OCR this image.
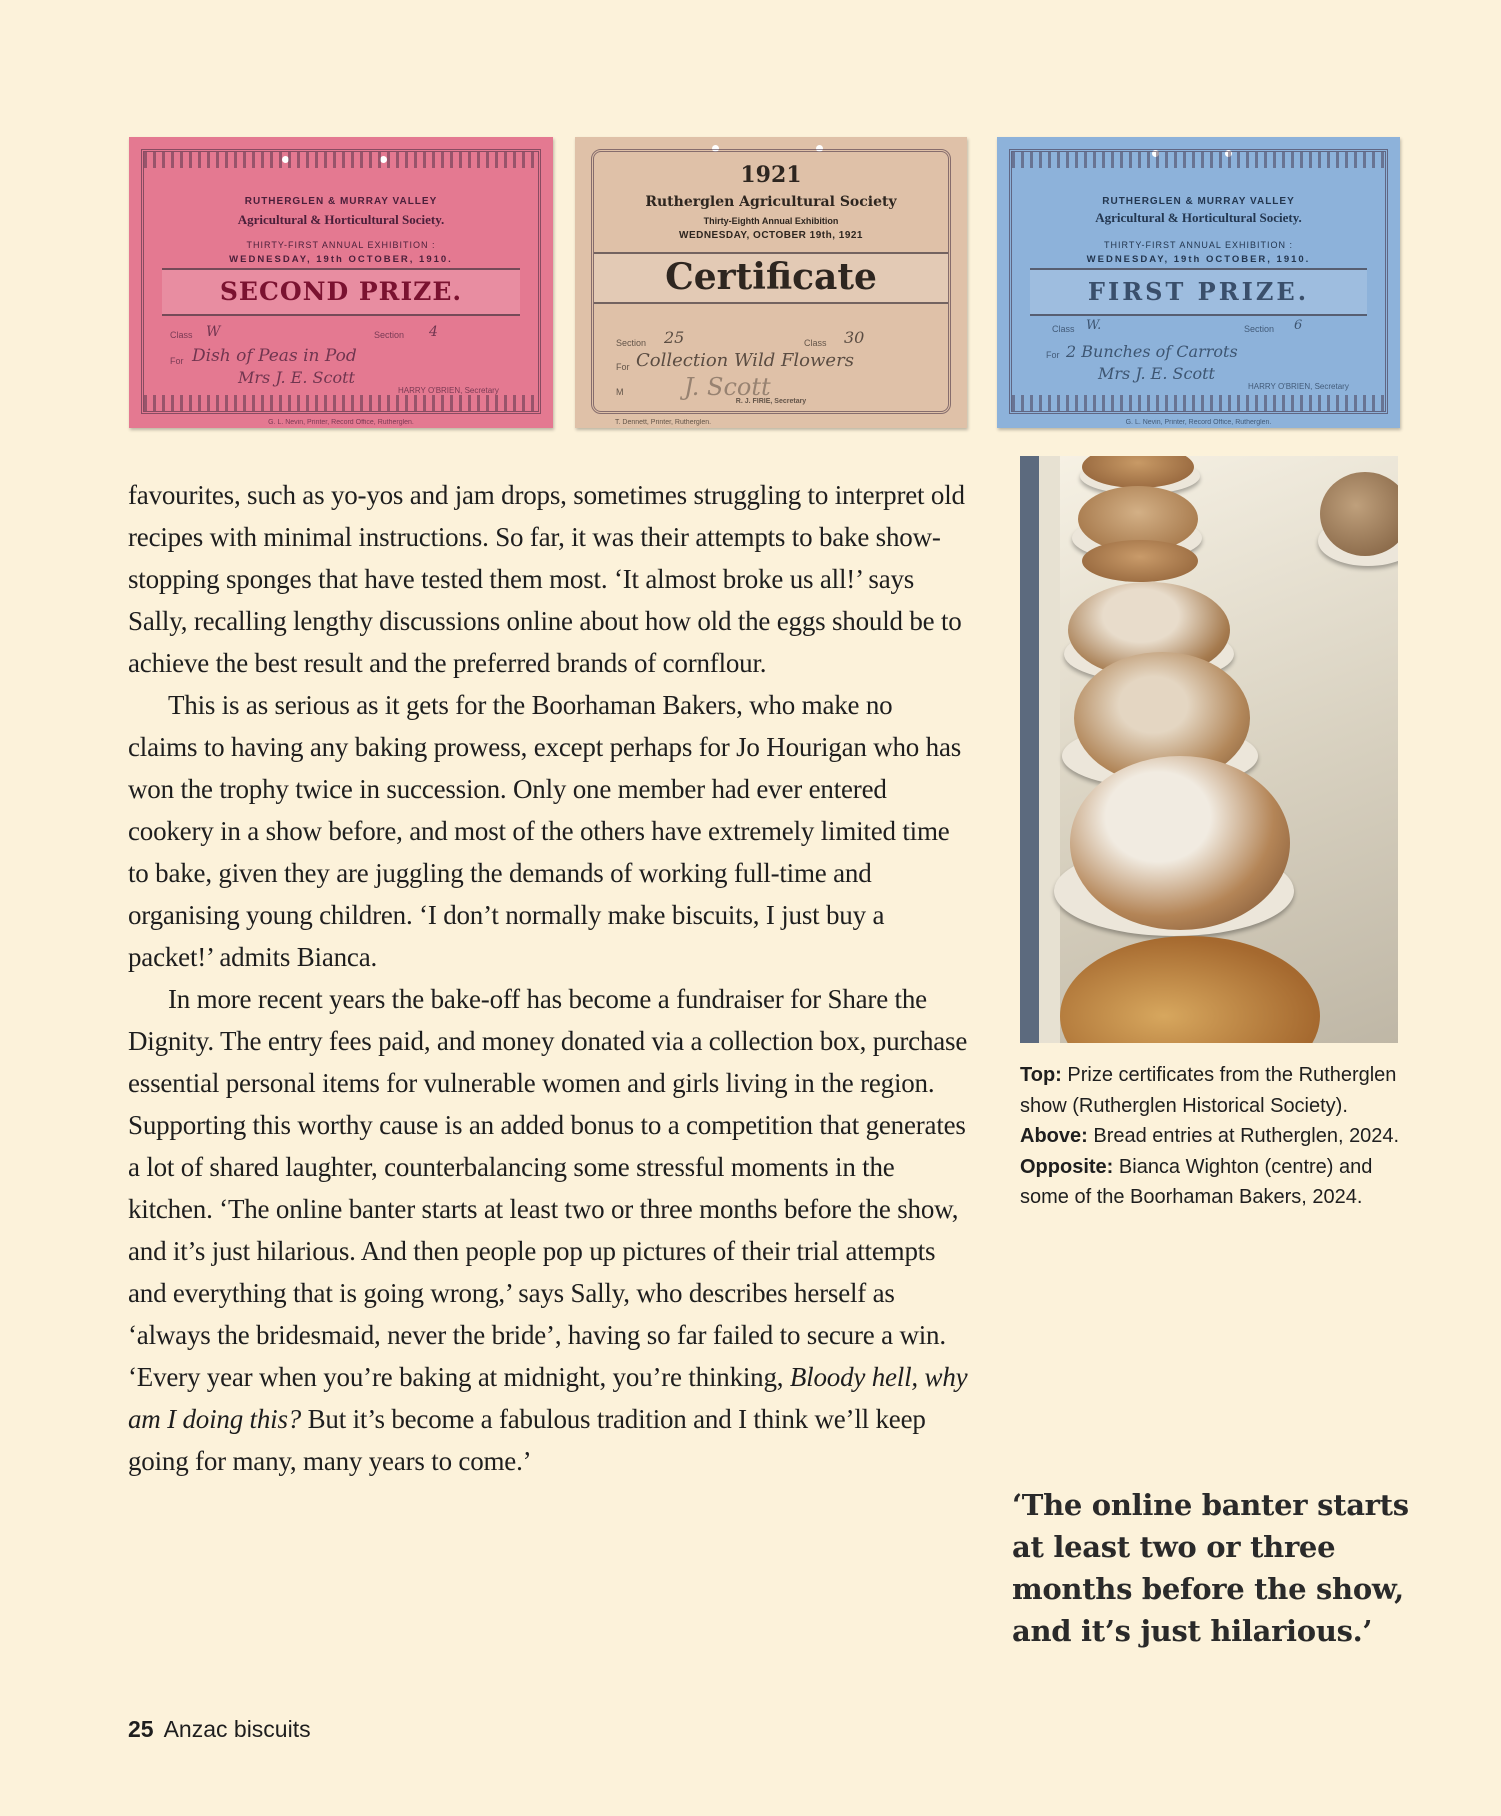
RUTHERGLEN & MURRAY VALLEY
Agricultural & Horticultural Society.
THIRTY-FIRST ANNUAL EXHIBITION :
WEDNESDAY, 19th OCTOBER, 1910.
SECOND PRIZE.
Class W	Section 4
For Dish of Peas in Pod
Mrs J. E. Scott
HARRY O'BRIEN, Secretary
G. L. Nevin, Printer, Record Office, Rutherglen.
1921
Rutherglen Agricultural Society
Thirty-Eighth Annual Exhibition
WEDNESDAY, OCTOBER 19th, 1921
Certificate
Section 25	Class 30
For Collection Wild Flowers
M	J. Scott
R. J. FIRIE, Secretary
T. Dennett, Printer, Rutherglen.
RUTHERGLEN & MURRAY VALLEY
Agricultural & Horticultural Society.
THIRTY-FIRST ANNUAL EXHIBITION :
WEDNESDAY, 19th OCTOBER, 1910.
FIRST PRIZE.
Class W.	Section 6
For 2 Bunches of Carrots
Mrs J. E. Scott
HARRY O'BRIEN, Secretary
G. L. Nevin, Printer, Record Office, Rutherglen.

favourites, such as yo-yos and jam drops, sometimes struggling to interpret old recipes with minimal instructions. So far, it was their attempts to bake show-stopping sponges that have tested them most. ‘It almost broke us all!’ says Sally, recalling lengthy discussions online about how old the eggs should be to achieve the best result and the preferred brands of cornflour.

This is as serious as it gets for the Boorhaman Bakers, who make no claims to having any baking prowess, except perhaps for Jo Hourigan who has won the trophy twice in succession. Only one member had ever entered cookery in a show before, and most of the others have extremely limited time to bake, given they are juggling the demands of working full-time and organising young children. ‘I don’t normally make biscuits, I just buy a packet!’ admits Bianca.

In more recent years the bake-off has become a fundraiser for Share the Dignity. The entry fees paid, and money donated via a collection box, purchase essential personal items for vulnerable women and girls living in the region. Supporting this worthy cause is an added bonus to a competition that generates a lot of shared laughter, counterbalancing some stressful moments in the kitchen. ‘The online banter starts at least two or three months before the show, and it’s just hilarious. And then people pop up pictures of their trial attempts and everything that is going wrong,’ says Sally, who describes herself as ‘always the bridesmaid, never the bride’, having so far failed to secure a win. ‘Every year when you’re baking at midnight, you’re thinking, Bloody hell, why am I doing this? But it’s become a fabulous tradition and I think we’ll keep going for many, many years to come.’

Top: Prize certificates from the Rutherglen show (Rutherglen Historical Society). Above: Bread entries at Rutherglen, 2024. Opposite: Bianca Wighton (centre) and some of the Boorhaman Bakers, 2024.
‘The online banter starts at least two or three months before the show, and it’s just hilarious.’
25 Anzac biscuits
